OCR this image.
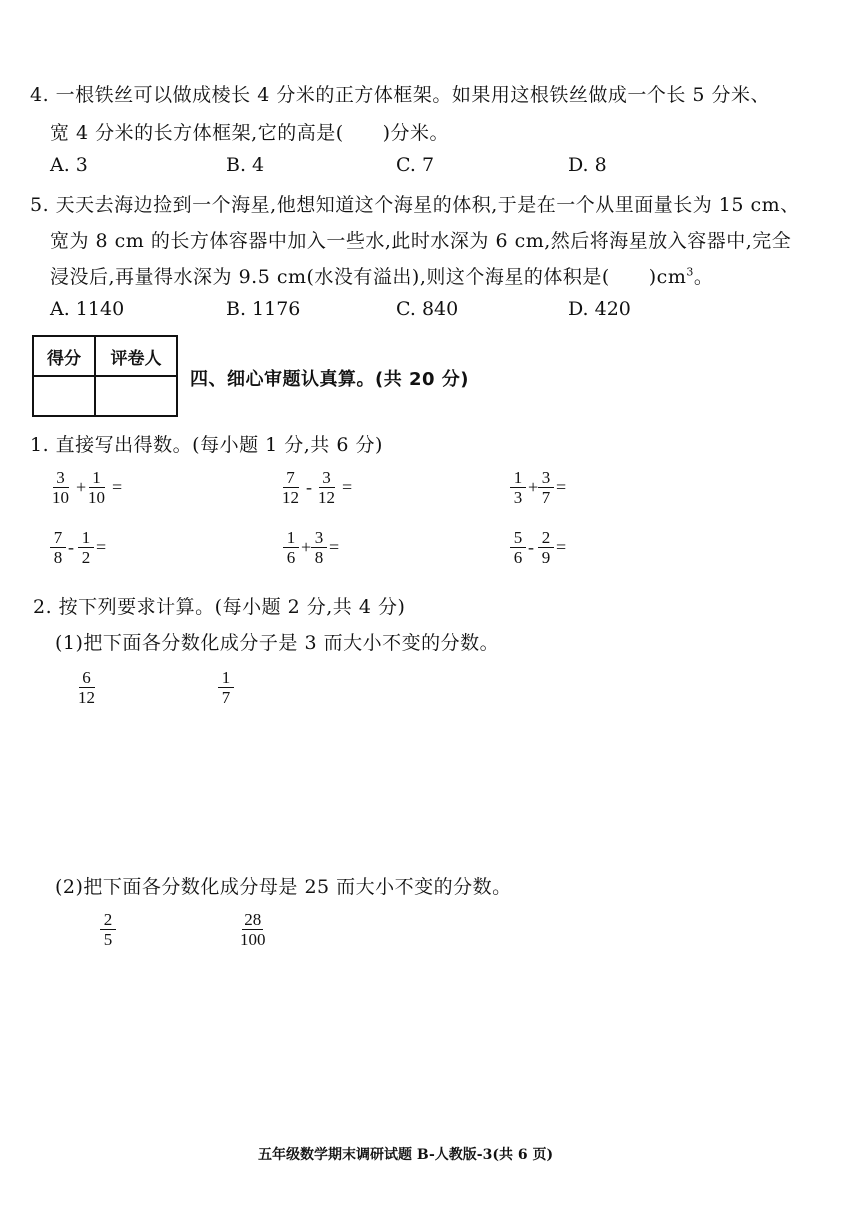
4. 一根铁丝可以做成棱长 4 分米的正方体框架。如果用这根铁丝做成一个长 5 分米、
宽 4 分米的长方体框架,它的高是(　　)分米。
A. 3	B. 4	C. 7	D. 8
5. 天天去海边捡到一个海星,他想知道这个海星的体积,于是在一个从里面量长为 15 cm、
宽为 8 cm 的长方体容器中加入一些水,此时水深为 6 cm,然后将海星放入容器中,完全
浸没后,再量得水深为 9.5 cm(水没有溢出),则这个海星的体积是(　　)$cm^3$。
A. 1140	B. 1176	C. 840	D. 420
得分	评卷人

四、细心审题认真算。(共 20 分)
1. 直接写出得数。(每小题 1 分,共 6 分)
$\frac{3}{10} + \frac{1}{10}$ =	$\frac{7}{12} - \frac{3}{12}$ =	$\frac{1}{3} + \frac{3}{7}$ =
$\frac{7}{8} - \frac{1}{2}$ =	$\frac{1}{6} + \frac{3}{8}$ =	$\frac{5}{6} - \frac{2}{9}$ =
2. 按下列要求计算。(每小题 2 分,共 4 分)
(1)把下面各分数化成分子是 3 而大小不变的分数。
$\frac{6}{12}$	$\frac{1}{7}$
(2)把下面各分数化成分母是 25 而大小不变的分数。
$\frac{2}{5}$	$\frac{28}{100}$
五年级数学期末调研试题 B-人教版-3(共 6 页)
